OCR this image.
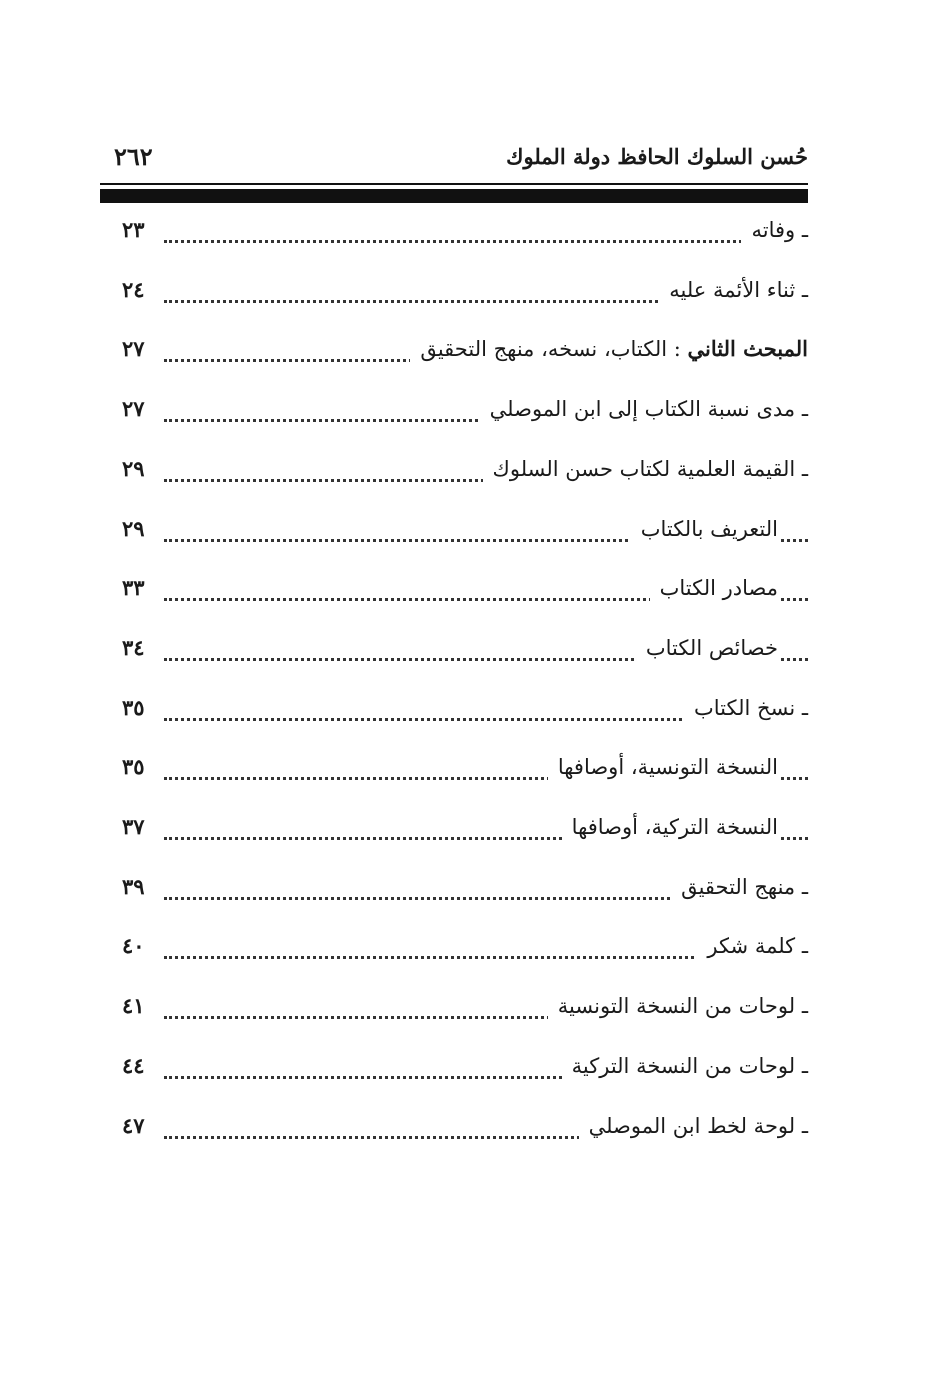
حُسن السلوك الحافظ دولة الملوك
٢٦٢
ـ وفاته
٢٣
ـ ثناء الأئمة عليه
٢٤
المبحث الثاني : الكتاب، نسخه، منهج التحقيق
٢٧
ـ مدى نسبة الكتاب إلى ابن الموصلي
٢٧
ـ القيمة العلمية لكتاب حسن السلوك
٢٩
التعريف بالكتاب
٢٩
مصادر الكتاب
٣٣
خصائص الكتاب
٣٤
ـ نسخ الكتاب
٣٥
النسخة التونسية، أوصافها
٣٥
النسخة التركية، أوصافها
٣٧
ـ منهج التحقيق
٣٩
ـ كلمة شكر
٤٠
ـ لوحات من النسخة التونسية
٤١
ـ لوحات من النسخة التركية
٤٤
ـ لوحة لخط ابن الموصلي
٤٧
